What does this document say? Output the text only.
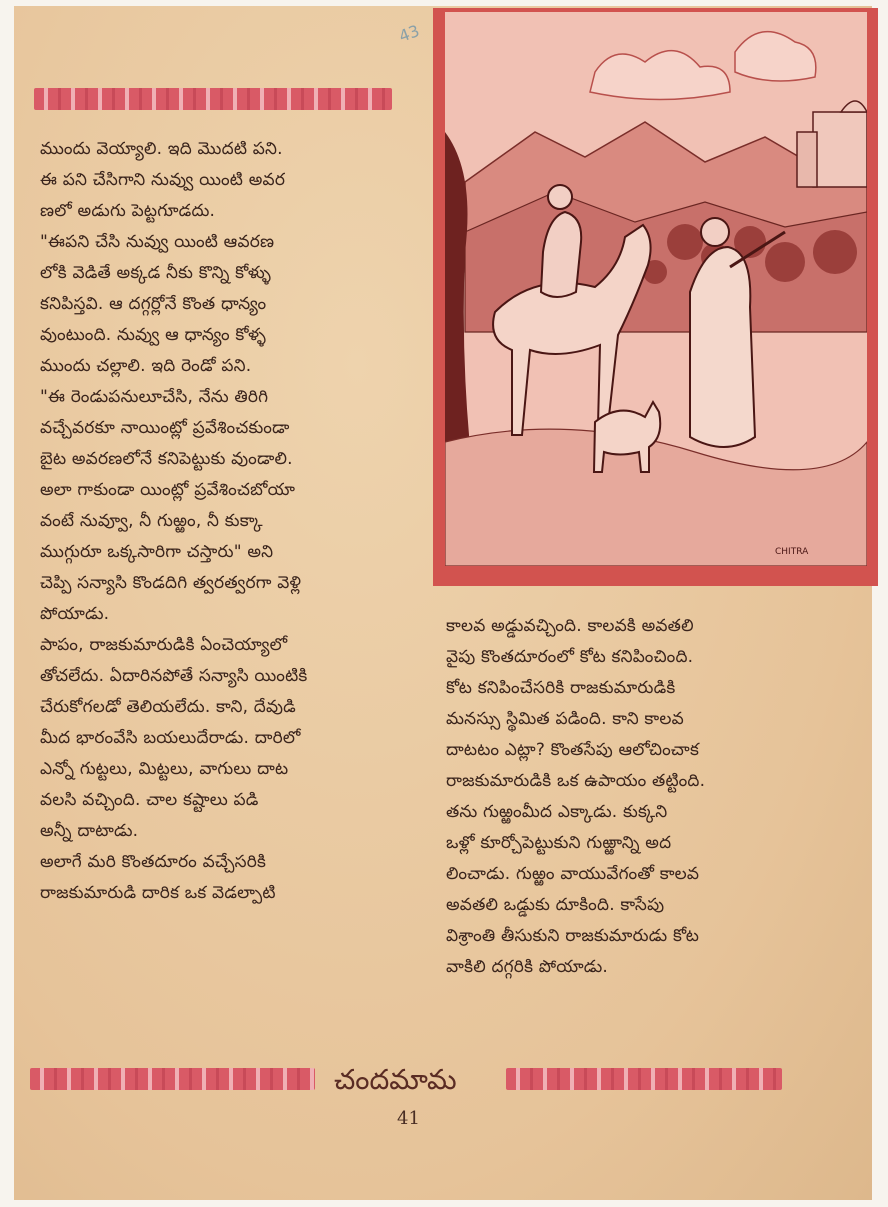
43
ముందు వెయ్యాలి. ఇది మొదటి పని.
ఈ పని చేసిగాని నువ్వు యింటి అవర
ణలో అడుగు పెట్టగూడదు.
"ఈపని చేసి నువ్వు యింటి ఆవరణ
లోకి వెడితే అక్కడ నీకు కొన్ని కోళ్ళు
కనిపిస్తవి. ఆ దగ్గర్లోనే కొంత ధాన్యం
వుంటుంది. నువ్వు ఆ ధాన్యం కోళ్ళ
ముందు చల్లాలి. ఇది రెండో పని.
"ఈ రెండుపనులూచేసి, నేను తిరిగి
వచ్చేవరకూ నాయింట్లో ప్రవేశించకుండా
బైట అవరణలోనే కనిపెట్టుకు వుండాలి.
అలా గాకుండా యింట్లో ప్రవేశించబోయా
వంటే నువ్వూ, నీ గుఱ్ఱం, నీ కుక్కా
ముగ్గురూ ఒక్కసారిగా చస్తారు" అని
చెప్పి సన్యాసి కొండదిగి త్వరత్వరగా వెళ్లి
పోయాడు.
పాపం, రాజకుమారుడికి ఏంచెయ్యాలో
తోచలేదు. ఏదారినపోతే సన్యాసి యింటికి
చేరుకోగలడో తెలియలేదు. కాని, దేవుడి
మీద భారంవేసి బయలుదేరాడు. దారిలో
ఎన్నో గుట్టలు, మిట్టలు, వాగులు దాట
వలసి వచ్చింది. చాల కష్టాలు పడి
అన్నీ దాటాడు.
అలాగే మరి కొంతదూరం వచ్చేసరికి
రాజకుమారుడి దారిక ఒక వెడల్పాటి
CHITRA
కాలవ అడ్డువచ్చింది. కాలవకి అవతలి
వైపు కొంతదూరంలో కోట కనిపించింది.
కోట కనిపించేసరికి రాజకుమారుడికి
మనస్సు స్థిమిత పడింది. కాని కాలవ
దాటటం ఎట్లా? కొంతసేపు ఆలోచించాక
రాజకుమారుడికి ఒక ఉపాయం తట్టింది.
తను గుఱ్ఱంమీద ఎక్కాడు. కుక్కని
ఒళ్లో కూర్చోపెట్టుకుని గుఱ్ఱాన్ని అద
లించాడు. గుఱ్ఱం వాయువేగంతో కాలవ
అవతలి ఒడ్డుకు దూకింది. కాసేపు
విశ్రాంతి తీసుకుని రాజకుమారుడు కోట
వాకిలి దగ్గరికి పోయాడు.
చందమామ
41
